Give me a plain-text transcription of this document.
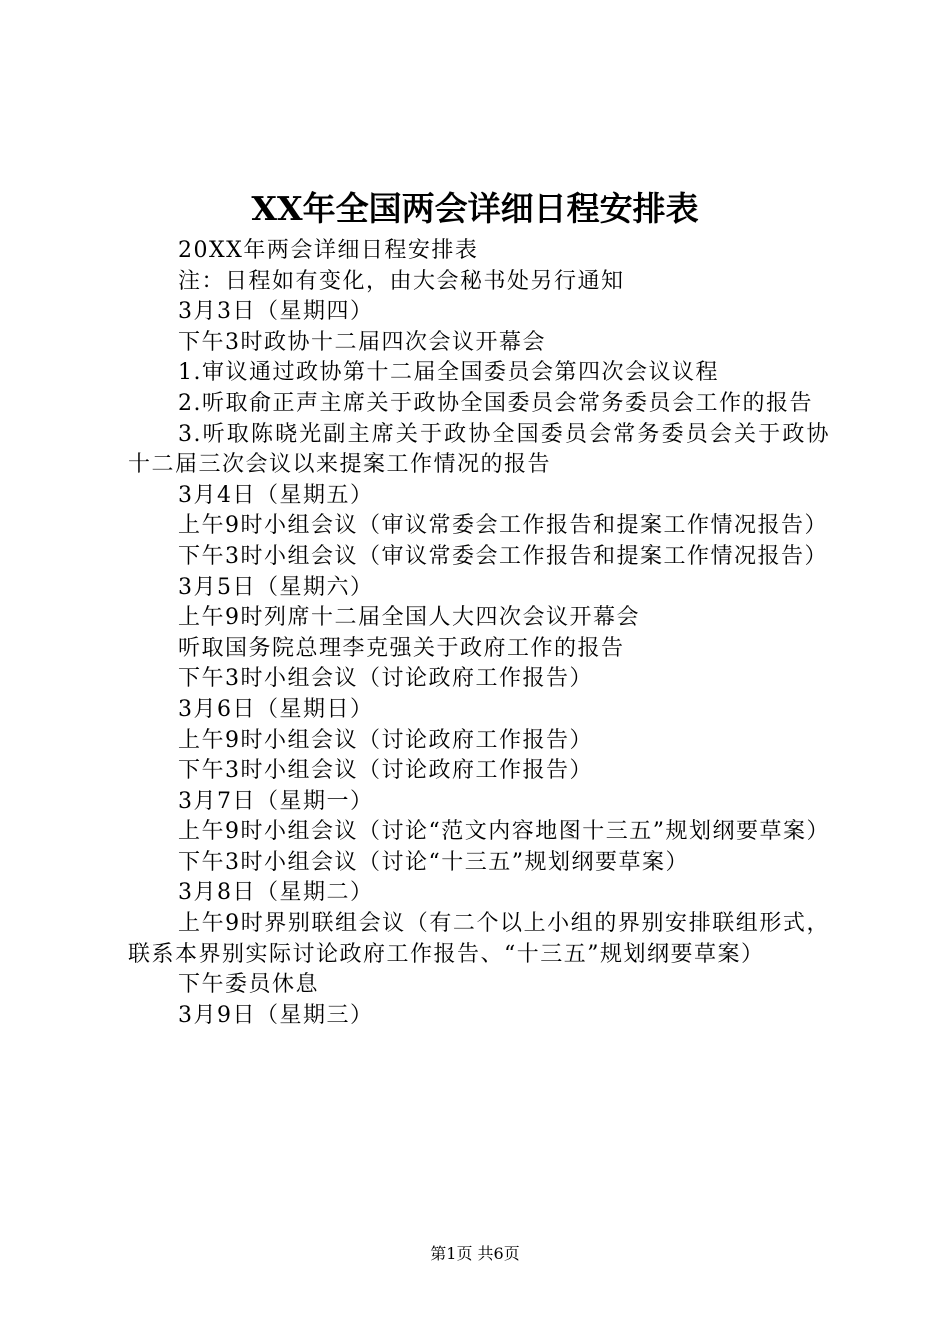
XX年全国两会详细日程安排表

20XX年两会详细日程安排表

注：日程如有变化，由大会秘书处另行通知

3月3日（星期四）

下午3时政协十二届四次会议开幕会

1.审议通过政协第十二届全国委员会第四次会议议程

2.听取俞正声主席关于政协全国委员会常务委员会工作的报告

3.听取陈晓光副主席关于政协全国委员会常务委员会关于政协十二届三次会议以来提案工作情况的报告

3月4日（星期五）

上午9时小组会议（审议常委会工作报告和提案工作情况报告）

下午3时小组会议（审议常委会工作报告和提案工作情况报告）

3月5日（星期六）

上午9时列席十二届全国人大四次会议开幕会

听取国务院总理李克强关于政府工作的报告

下午3时小组会议（讨论政府工作报告）

3月6日（星期日）

上午9时小组会议（讨论政府工作报告）

下午3时小组会议（讨论政府工作报告）

3月7日（星期一）

上午9时小组会议（讨论“范文内容地图十三五”规划纲要草案）

下午3时小组会议（讨论“十三五”规划纲要草案）

3月8日（星期二）

上午9时界别联组会议（有二个以上小组的界别安排联组形式，联系本界别实际讨论政府工作报告、“十三五”规划纲要草案）

下午委员休息

3月9日（星期三）

第1页 共6页
